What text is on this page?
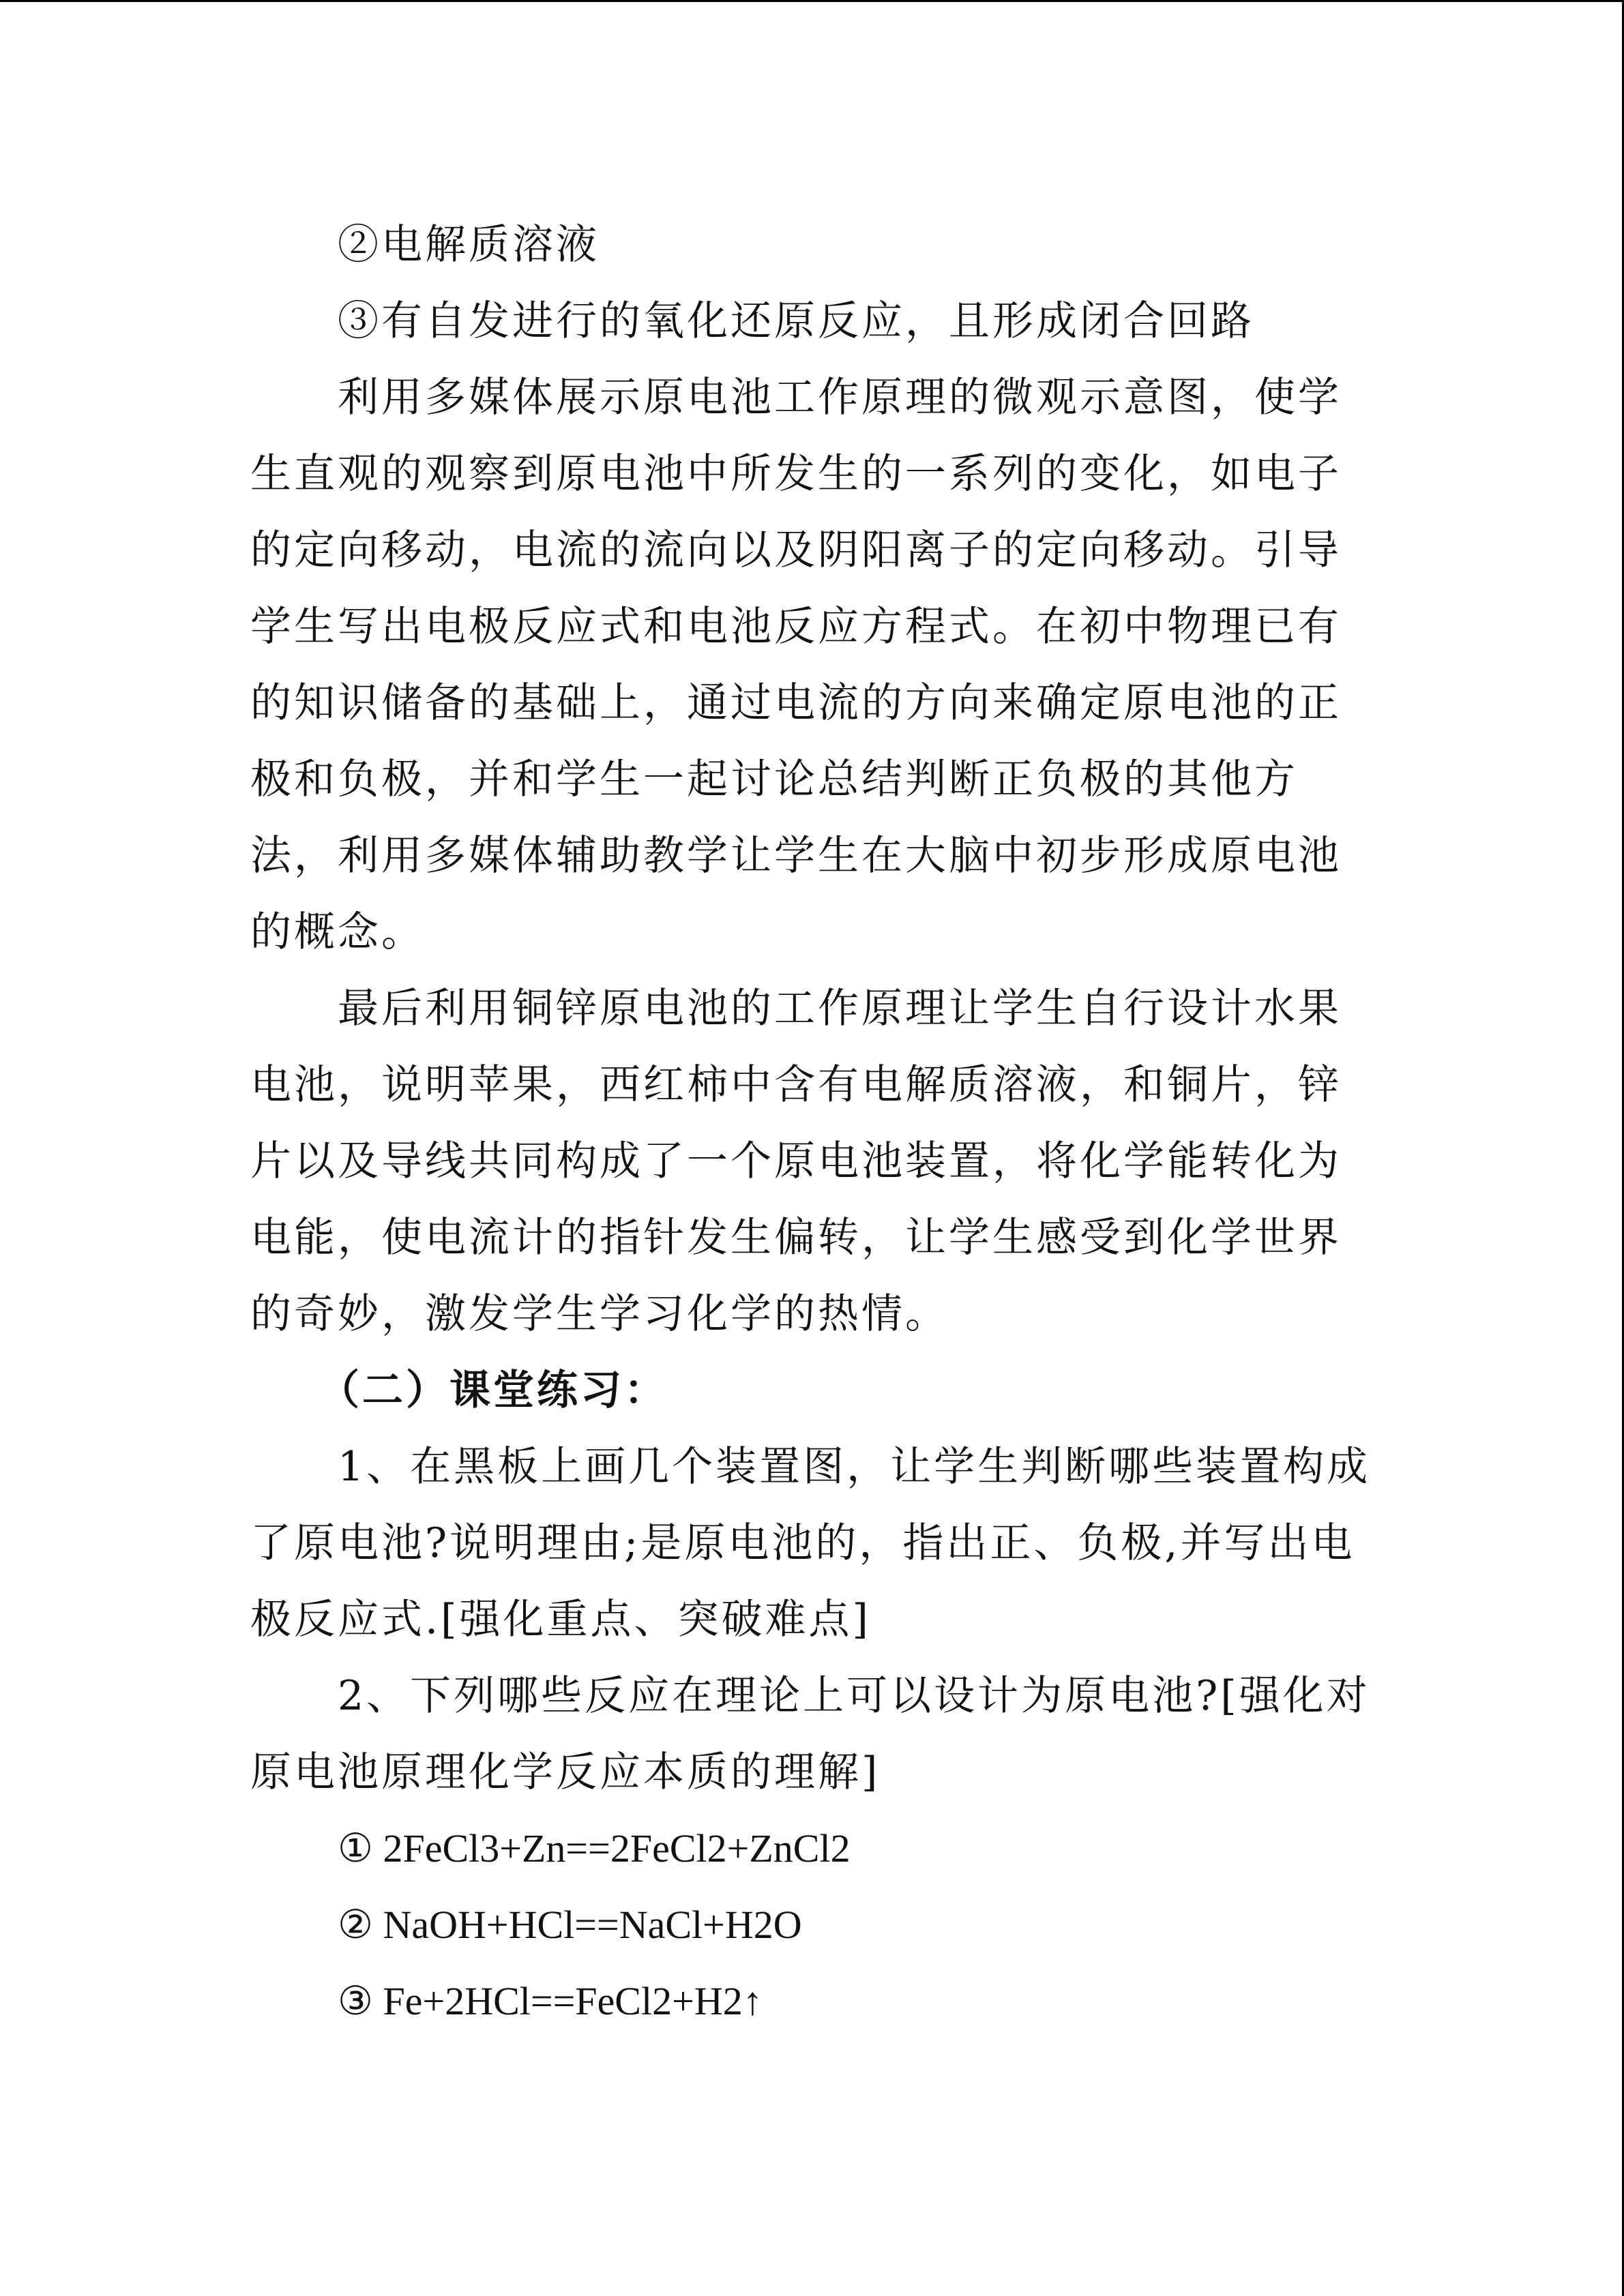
②电解质溶液
③有自发进行的氧化还原反应，且形成闭合回路
利用多媒体展示原电池工作原理的微观示意图，使学
生直观的观察到原电池中所发生的一系列的变化，如电子
的定向移动，电流的流向以及阴阳离子的定向移动。引导
学生写出电极反应式和电池反应方程式。在初中物理已有
的知识储备的基础上，通过电流的方向来确定原电池的正
极和负极，并和学生一起讨论总结判断正负极的其他方
法，利用多媒体辅助教学让学生在大脑中初步形成原电池
的概念。
最后利用铜锌原电池的工作原理让学生自行设计水果
电池，说明苹果，西红柿中含有电解质溶液，和铜片，锌
片以及导线共同构成了一个原电池装置，将化学能转化为
电能，使电流计的指针发生偏转，让学生感受到化学世界
的奇妙，激发学生学习化学的热情。
（二）课堂练习：
1、在黑板上画几个装置图，让学生判断哪些装置构成
了原电池?说明理由;是原电池的，指出正、负极,并写出电
极反应式.[强化重点、突破难点]
2、下列哪些反应在理论上可以设计为原电池?[强化对
原电池原理化学反应本质的理解]
① 2FeCl3+Zn==2FeCl2+ZnCl2
② NaOH+HCl==NaCl+H2O
③ Fe+2HCl==FeCl2+H2↑
